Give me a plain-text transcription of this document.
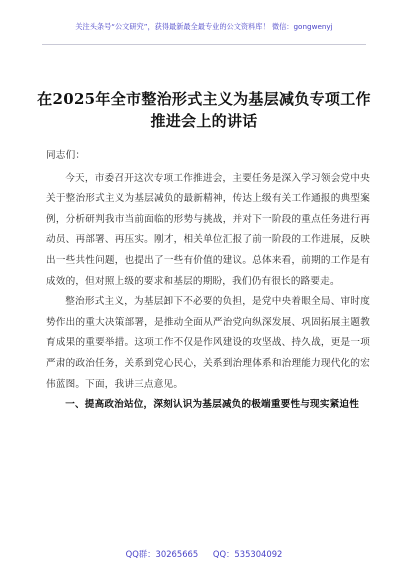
关注头条号“公文研究”，获得最新最全最专业的公文资料库！ 微信：gongwenyj
在2025年全市整治形式主义为基层减负专项工作
推进会上的讲话

同志们：

今天，市委召开这次专项工作推进会，主要任务是深入学习领会党中央关于整治形式主义为基层减负的最新精神，传达上级有关工作通报的典型案例，分析研判我市当前面临的形势与挑战，并对下一阶段的重点任务进行再动员、再部署、再压实。刚才，相关单位汇报了前一阶段的工作进展，反映出一些共性问题，也提出了一些有价值的建议。总体来看，前期的工作是有成效的，但对照上级的要求和基层的期盼，我们仍有很长的路要走。

整治形式主义，为基层卸下不必要的负担，是党中央着眼全局、审时度势作出的重大决策部署，是推动全面从严治党向纵深发展、巩固拓展主题教育成果的重要举措。这项工作不仅是作风建设的攻坚战、持久战，更是一项严肃的政治任务，关系到党心民心，关系到治理体系和治理能力现代化的宏伟蓝图。下面，我讲三点意见。

一、提高政治站位，深刻认识为基层减负的极端重要性与现实紧迫性

QQ群：30265665 QQ：535304092
